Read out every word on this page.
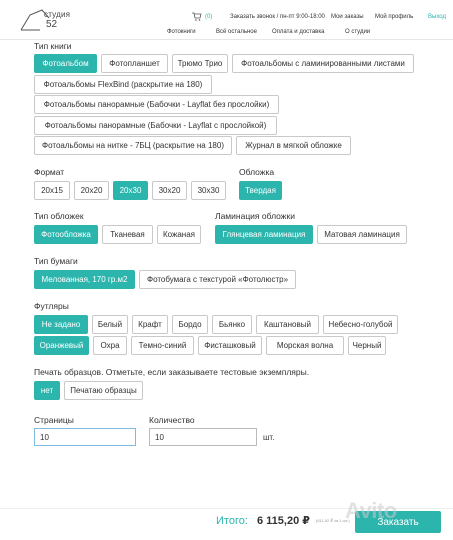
студия
52
(0)	Заказать звонок / пн-пт 9:00-18:00 Мои заказы Мой профиль Выход
Фотокниги	Всё остальное	Оплата и доставка	О студии
Тип книги
Фотоальбом	Фотопланшет	Трюмо Трио	Фотоальбомы с ламинированными листами
Фотоальбомы FlexBind (раскрытие на 180)
Фотоальбомы панорамные (Бабочки - Layflat без прослойки)
Фотоальбомы панорамные (Бабочки - Layflat с прослойкой)
Фотоальбомы на нитке - 7БЦ (раскрытие на 180)	Журнал в мягкой обложке
Формат
20x15	20x20	20x30	30x20	30x30
Обложка
Твердая
Тип обложек
Фотообложка	Тканевая	Кожаная
Ламинация обложки
Глянцевая ламинация	Матовая ламинация
Тип бумаги
Мелованная, 170 гр.м2	Фотобумага с текстурой «Фотолюстр»
Футляры
Не задано	Белый	Крафт	Бордо	Бьянко	Каштановый	Небесно-голубой
Оранжевый	Охра	Темно-синий	Фисташковый	Морская волна	Черный
Печать образцов. Отметьте, если заказываете тестовые экземпляры.
нет	Печатаю образцы
Страницы
10
Количество
10	шт.
Итого: 6 115,20 ₽ (611,52 ₽ за 1 шт.)	Заказать
Avito
